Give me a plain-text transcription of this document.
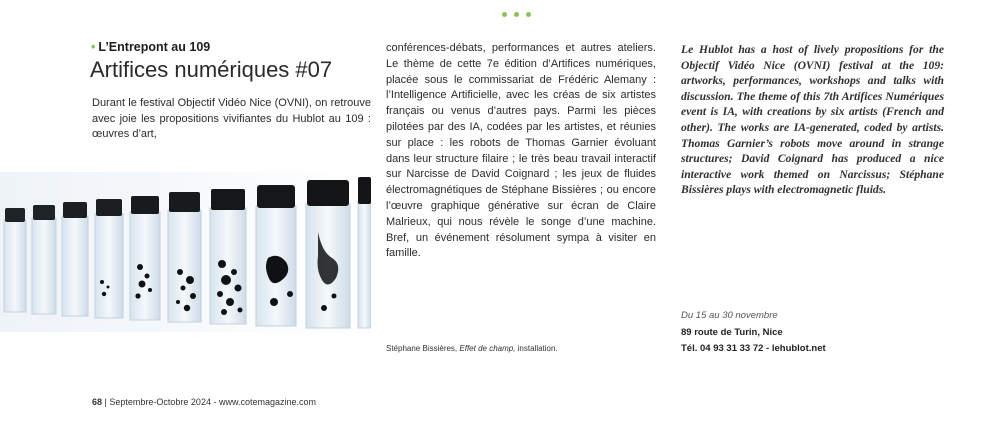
• L’Entrepont au 109
Artifices numériques #07
Durant le festival Objectif Vidéo Nice (OVNI), on retrouve avec joie les propositions vivifiantes du Hublot au 109 : œuvres d’art,
conférences-débats, performances et autres ateliers. Le thème de cette 7e édition d’Artifices numériques, placée sous le commissariat de Frédéric Alemany : l’Intelligence Artificielle, avec les créas de six artistes français ou venus d’autres pays. Parmi les pièces pilotées par des IA, codées par les artistes, et réunies sur place : les robots de Thomas Garnier évoluant dans leur structure filaire ; le très beau travail interactif sur Narcisse de David Coignard ; les jeux de fluides électromagnétiques de Stéphane Bissières ; ou encore l’œuvre graphique générative sur écran de Claire Malrieux, qui nous révèle le songe d’une machine. Bref, un événement résolument sympa à visiter en famille.
Stéphane Bissières, Effet de champ, installation.
Le Hublot has a host of lively propositions for the Objectif Vidéo Nice (OVNI) festival at the 109: artworks, performances, workshops and talks with discussion. The theme of this 7th Artifices Numériques event is IA, with creations by six artists (French and other). The works are IA-generated, coded by artists. Thomas Garnier’s robots move around in strange structures; David Coignard has produced a nice interactive work themed on Narcissus; Stéphane Bissières plays with electromagnetic fluids.
Du 15 au 30 novembre
89 route de Turin, Nice
Tél. 04 93 31 33 72 - lehublot.net
68 | Septembre-Octobre 2024 - www.cotemagazine.com
